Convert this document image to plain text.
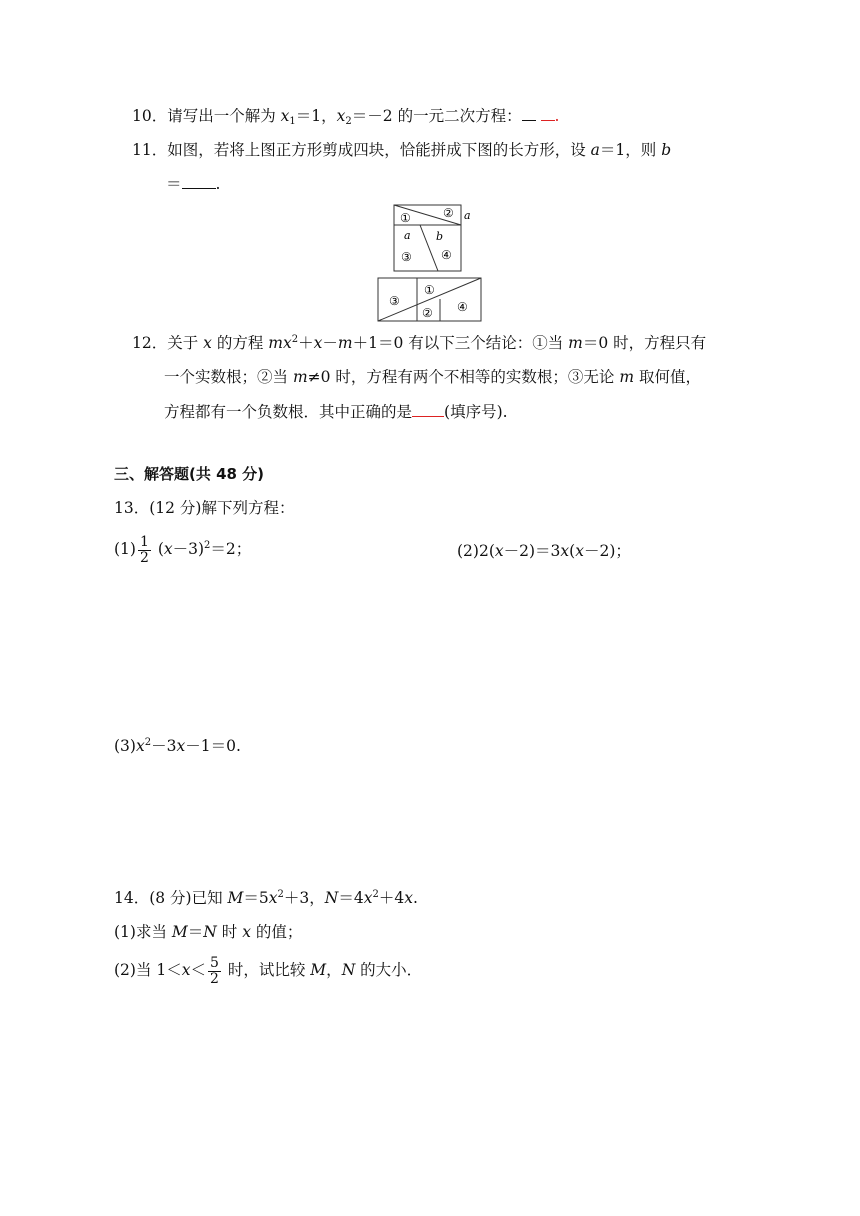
10．请写出一个解为 $x_1=1$，$x_2=-2$ 的一元二次方程： .
11．如图，若将上图正方形剪成四块，恰能拼成下图的长方形，设 a＝1，则 b
＝ .
①	②
③ ④
a b
a
③
①
② ④
12．关于 x 的方程 $mx^2+x-m+1=0$ 有以下三个结论：①当 m＝0 时，方程只有
一个实数根；②当 m≠0 时，方程有两个不相等的实数根；③无论 m 取何值，
方程都有一个负数根．其中正确的是 (填序号).
三、解答题(共 48 分)
13．(12 分)解下列方程：
$(1) \frac{1}{2} (x-3)^2=2$；	(2)2(x－2)＝3x(x－2)；
$(3)x^2-3x-1=0$.
14．(8 分)已知 $M=5x^2+3$，$N=4x^2+4x$.
(1)求当 M＝N 时 x 的值；
(2)当 $1<x< \frac{5}{2}$ 时，试比较 M，N 的大小．
